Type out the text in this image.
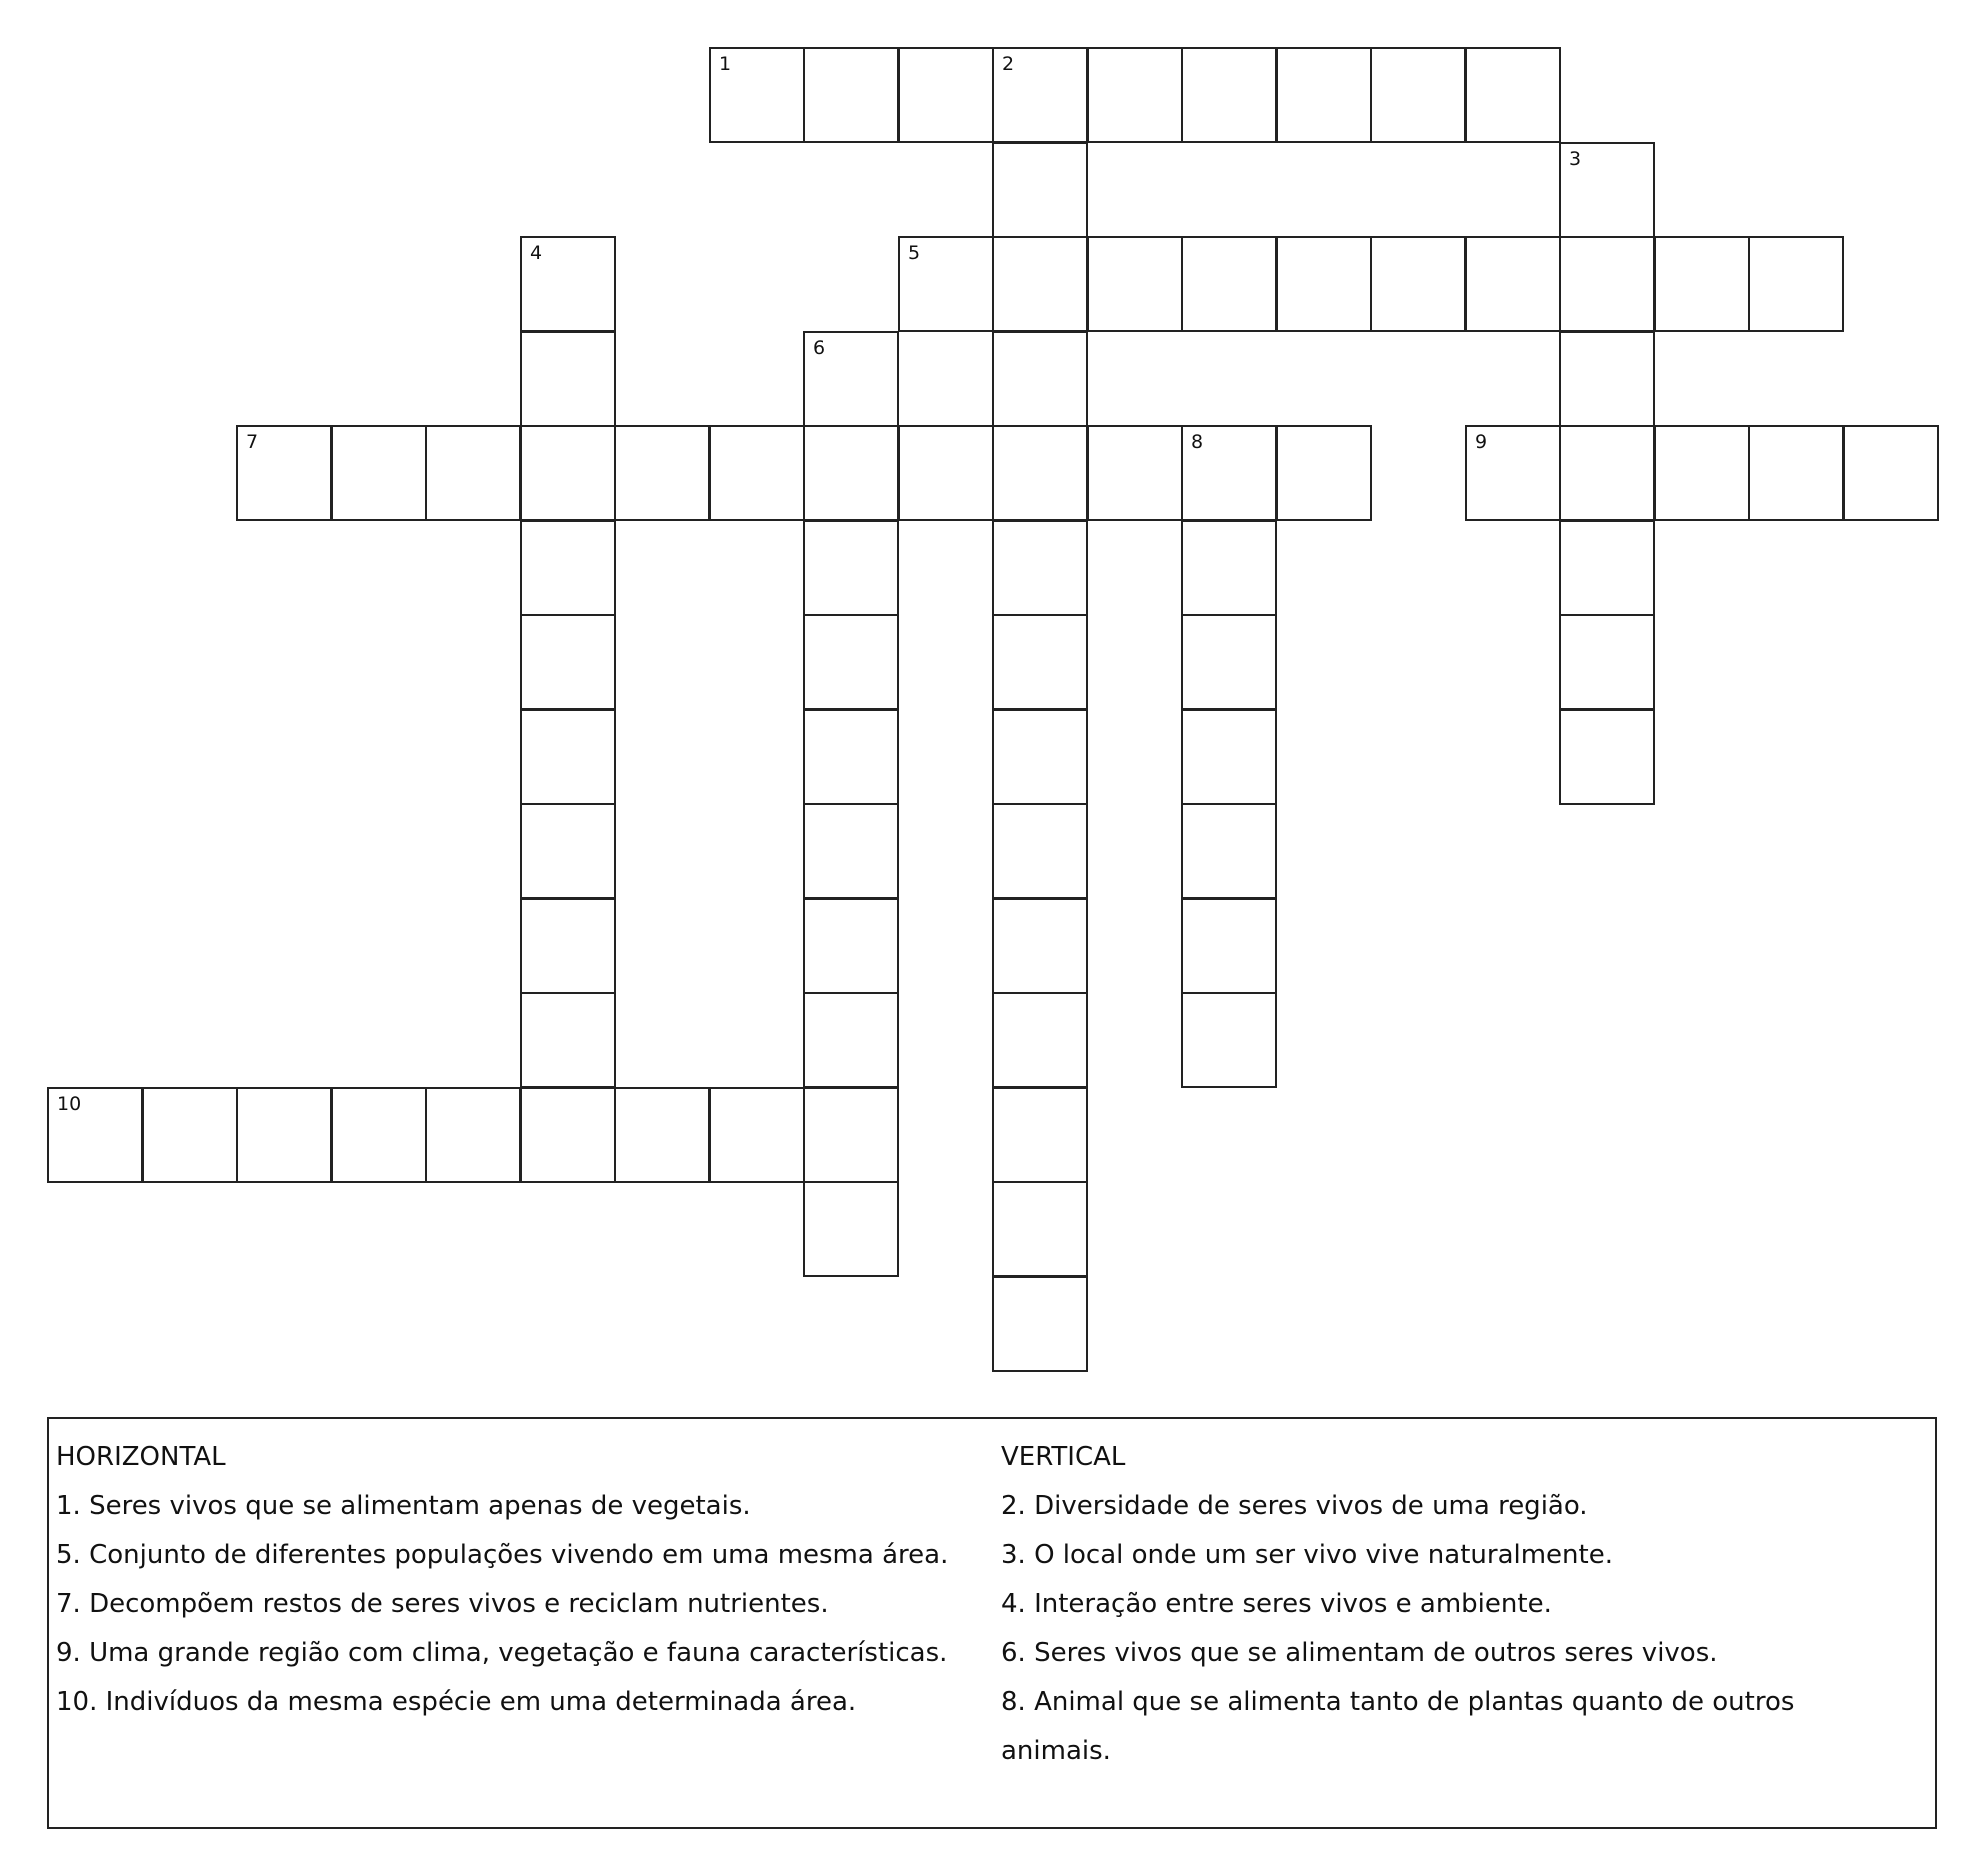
1	2
3
4	5
6
7	8	9
10
HORIZONTAL
1. Seres vivos que se alimentam apenas de vegetais.
5. Conjunto de diferentes populações vivendo em uma mesma área.
7. Decompõem restos de seres vivos e reciclam nutrientes.
9. Uma grande região com clima, vegetação e fauna características.
10. Indivíduos da mesma espécie em uma determinada área.
VERTICAL
2. Diversidade de seres vivos de uma região.
3. O local onde um ser vivo vive naturalmente.
4. Interação entre seres vivos e ambiente.
6. Seres vivos que se alimentam de outros seres vivos.
8. Animal que se alimenta tanto de plantas quanto de outros animais.
